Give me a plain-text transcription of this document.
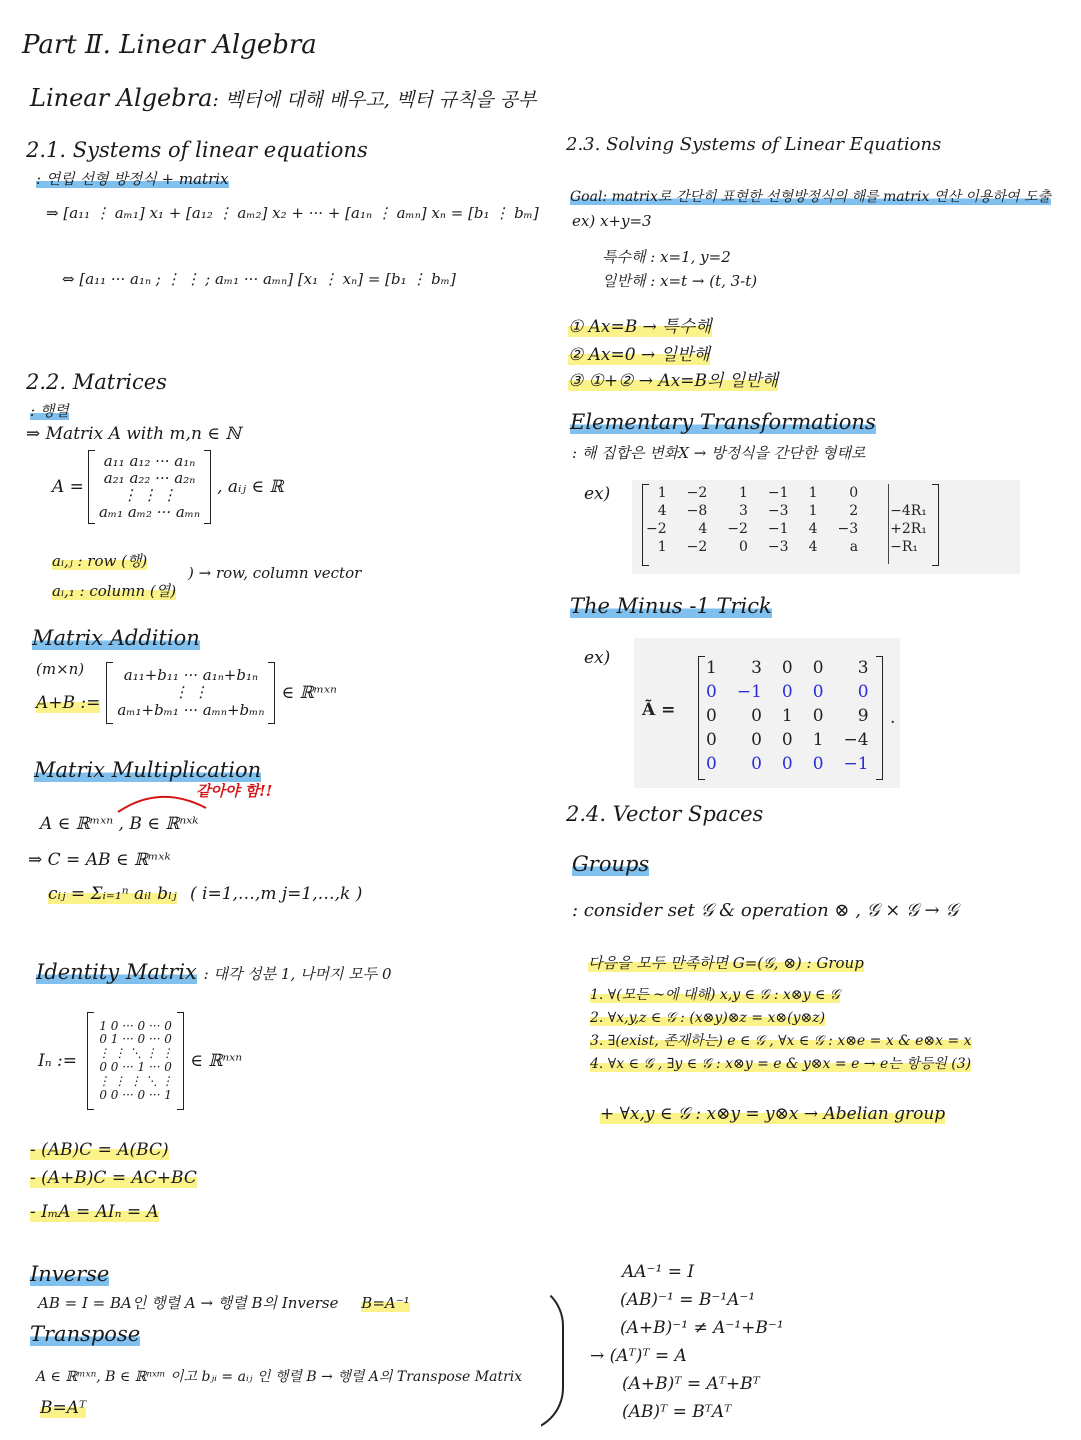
Part Ⅱ. Linear Algebra
Linear Algebra: 벡터에 대해 배우고, 벡터 규칙을 공부
2.1. Systems of linear equations
: 연립 선형 방정식 + matrix
⇒ [a₁₁ ⋮ aₘ₁] x₁ + [a₁₂ ⋮ aₘ₂] x₂ + ··· + [a₁ₙ ⋮ aₘₙ] xₙ = [b₁ ⋮ bₘ]
⇔ [a₁₁ ··· a₁ₙ ; ⋮ ⋮ ; aₘ₁ ··· aₘₙ] [x₁ ⋮ xₙ] = [b₁ ⋮ bₘ]
2.2. Matrices
: 행렬
⇒ Matrix A with m,n ∈ ℕ
A =
a₁₁ a₁₂ ··· a₁ₙ
a₂₁ a₂₂ ··· a₂ₙ
⋮ ⋮ ⋮
aₘ₁ aₘ₂ ··· aₘₙ
, aᵢⱼ ∈ ℝ
aᵢ,ⱼ : row (행)
aᵢ,₁ : column (열)
) → row, column vector
Matrix Addition
(m×n)
A+B :=
a₁₁+b₁₁ ··· a₁ₙ+b₁ₙ
⋮ ⋮
aₘ₁+bₘ₁ ··· aₘₙ+bₘₙ
∈ ℝᵐˣⁿ
Matrix Multiplication
같아야 함!!
A ∈ ℝᵐˣⁿ , B ∈ ℝⁿˣᵏ
⇒ C = AB ∈ ℝᵐˣᵏ
cᵢⱼ = Σᵢ₌₁ⁿ aᵢₗ bₗⱼ ( i=1,…,m j=1,…,k )
Identity Matrix : 대각 성분 1, 나머지 모두 0
Iₙ :=
1 0 ··· 0 ··· 0
0 1 ··· 0 ··· 0
⋮ ⋮ ⋱ ⋮ ⋮
0 0 ··· 1 ··· 0
⋮ ⋮ ⋮ ⋱ ⋮
0 0 ··· 0 ··· 1
∈ ℝⁿˣⁿ
- (AB)C = A(BC)
- (A+B)C = AC+BC
- IₘA = AIₙ = A
Inverse
AB = I = BA인 행렬 A → 행렬 B의 Inverse B=A⁻¹
Transpose
A ∈ ℝᵐˣⁿ, B ∈ ℝⁿˣᵐ 이고 bⱼᵢ = aᵢⱼ 인 행렬 B → 행렬 A의 Transpose Matrix
B=Aᵀ
AA⁻¹ = I
(AB)⁻¹ = B⁻¹A⁻¹
(A+B)⁻¹ ≠ A⁻¹+B⁻¹
→ (Aᵀ)ᵀ = A
(A+B)ᵀ = Aᵀ+Bᵀ
(AB)ᵀ = BᵀAᵀ
2.3. Solving Systems of Linear Equations
Goal: matrix로 간단히 표현한 선형방정식의 해를 matrix 연산 이용하여 도출
ex) x+y=3
특수해 : x=1, y=2
일반해 : x=t → (t, 3-t)
① Ax=B → 특수해
② Ax=0 → 일반해
③ ①+② → Ax=B의 일반해
Elementary Transformations
: 해 집합은 변화X → 방정식을 간단한 형태로
ex)	1	−2	1	−1	1	0	
4	−8	3	−3	1	2	−4R₁
−2	4	−2	−1	4	−3	+2R₁
1	−2	0	−3	4	a	−R₁
The Minus -1 Trick
ex)
Ã =
1	3	0	0	3
0	−1	0	0	0
0	0	1	0	9
0	0	0	1	−4
0	0	0	0	−1
.
2.4. Vector Spaces
Groups
: consider set 𝒢 & operation ⊗ , 𝒢 × 𝒢 → 𝒢
다음을 모두 만족하면 G=(𝒢, ⊗) : Group
1. ∀(모든 ~에 대해) x,y ∈ 𝒢 : x⊗y ∈ 𝒢
2. ∀x,y,z ∈ 𝒢 : (x⊗y)⊗z = x⊗(y⊗z)
3. ∃(exist, 존재하는) e ∈ 𝒢 , ∀x ∈ 𝒢 : x⊗e = x & e⊗x = x
4. ∀x ∈ 𝒢 , ∃y ∈ 𝒢 : x⊗y = e & y⊗x = e → e는 항등원 (3)
+ ∀x,y ∈ 𝒢 : x⊗y = y⊗x → Abelian group
